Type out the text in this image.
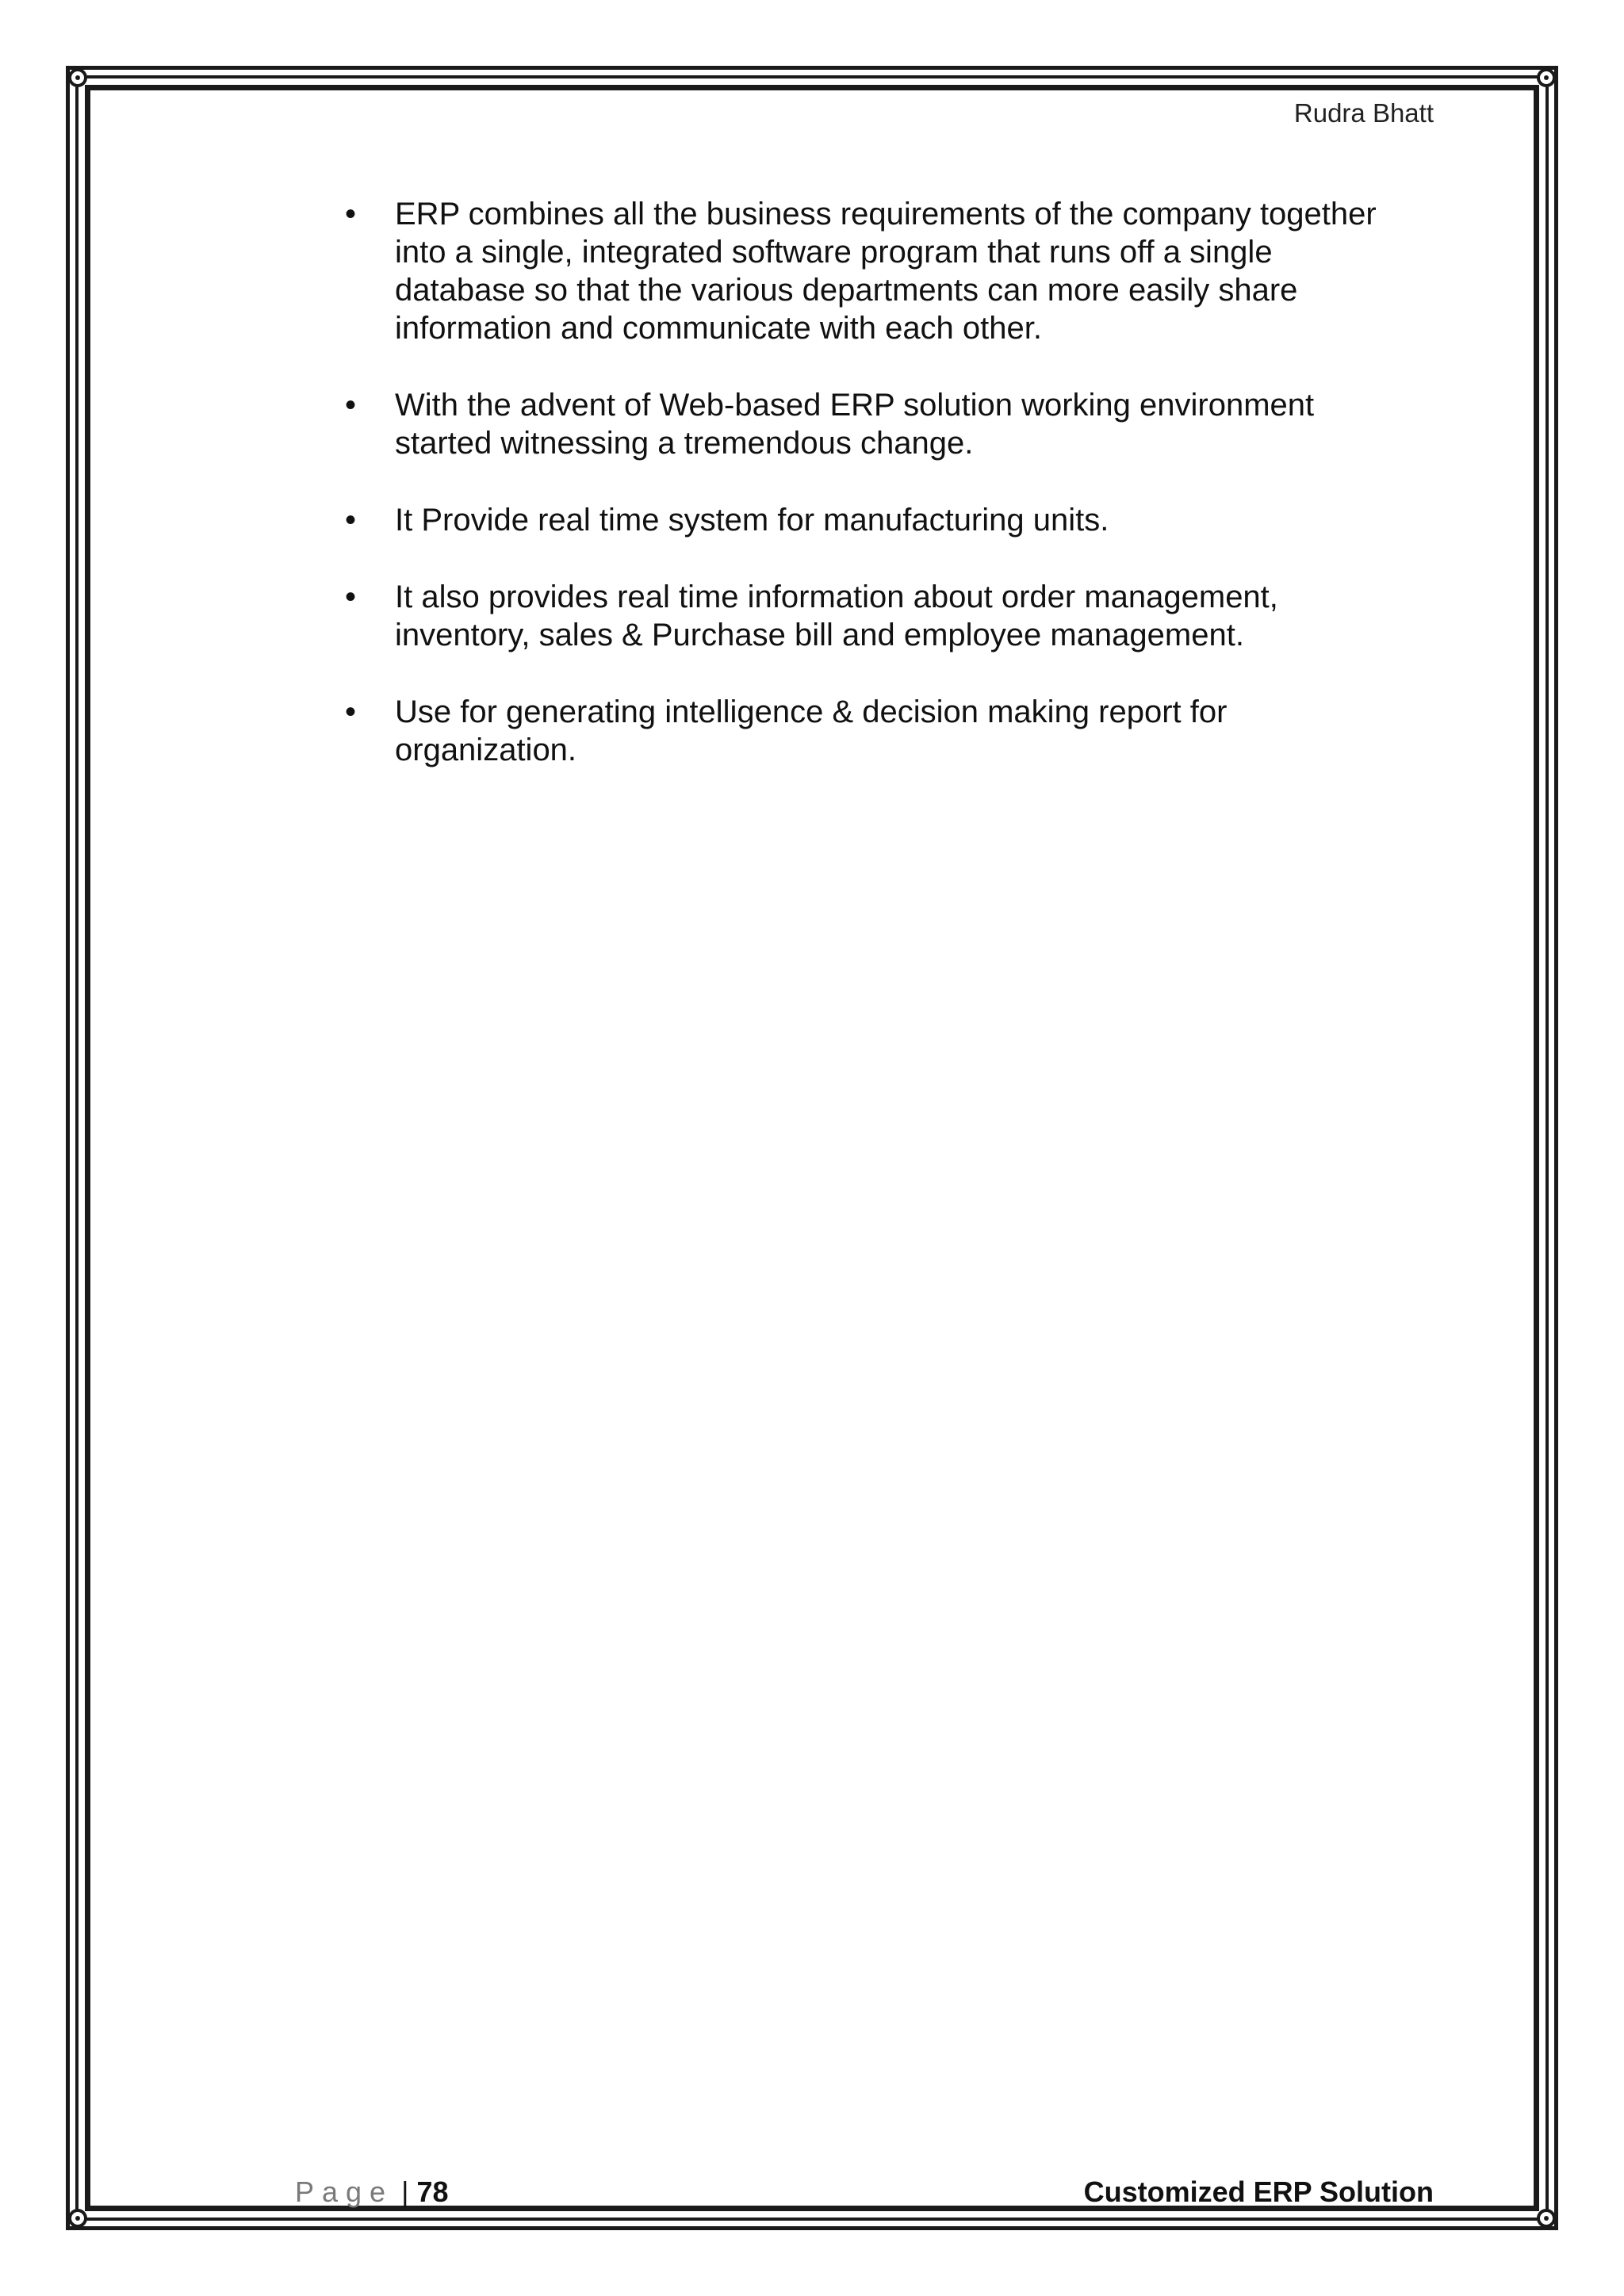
Rudra Bhatt
• ERP combines all the business requirements of the company together
into a single, integrated software program that runs off a single
database so that the various departments can more easily share
information and communicate with each other.
• With the advent of Web-based ERP solution working environment
started witnessing a tremendous change.
• It Provide real time system for manufacturing units.
• It also provides real time information about order management,
inventory, sales & Purchase bill and employee management.
• Use for generating intelligence & decision making report for
organization.
Page | 78	Customized ERP Solution
